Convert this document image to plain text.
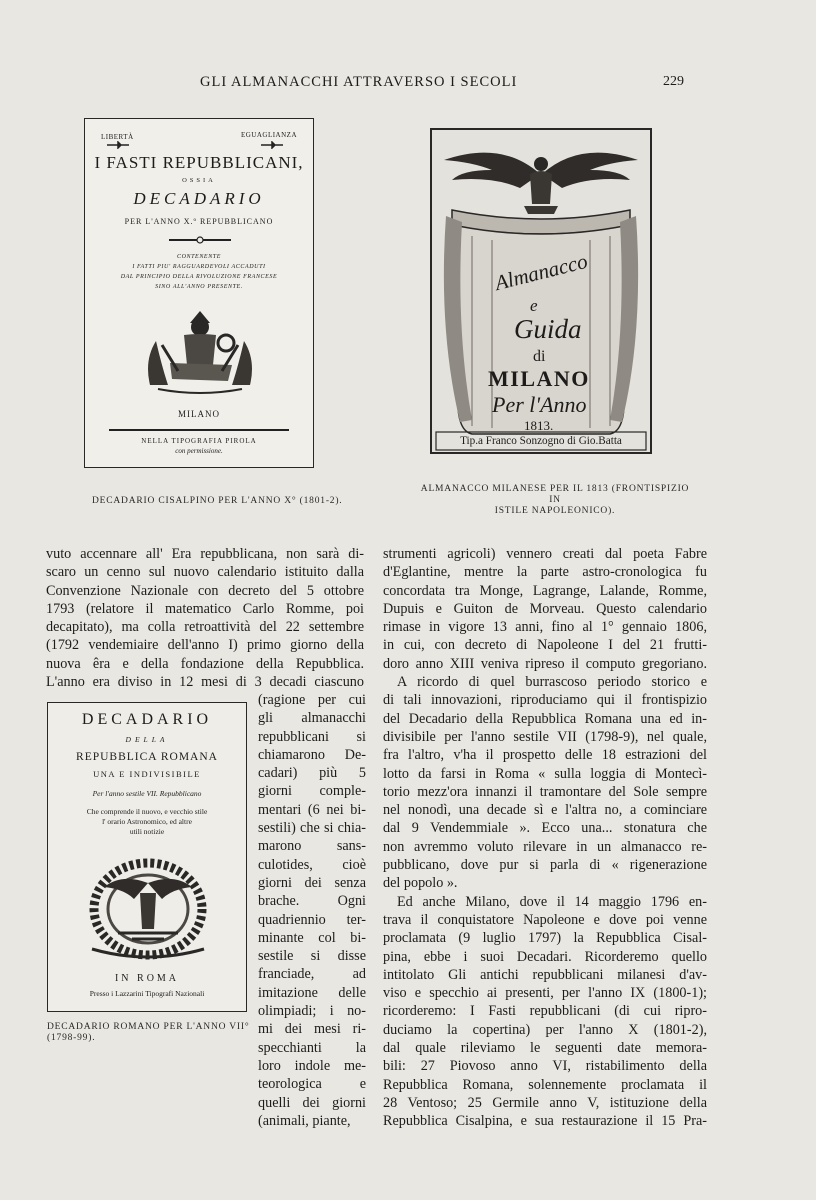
GLI ALMANACCHI ATTRAVERSO I SECOLI	229
LIBERTÀ	EGUAGLIANZA
I FASTI REPUBBLICANI,
OSSIA
DECADARIO
PER L'ANNO X.º REPUBBLICANO
CONTENENTE
I FATTI PIU' RAGGUARDEVOLI ACCADUTI
DAL PRINCIPIO DELLA RIVOLUZIONE FRANCESE
SINO ALL'ANNO PRESENTE.
MILANO
NELLA TIPOGRAFIA PIROLA
con permissione.
DECADARIO CISALPINO PER L'ANNO X° (1801-2).
Almanacco
e
Guida
di
MILANO
Per l'Anno
1813.
Tip.a Franco Sonzogno di Gio.Batta
ALMANACCO MILANESE PER IL 1813 (FRONTISPIZIO IN
ISTILE NAPOLEONICO).
vuto accennare all' Era repubblicana, non sarà di-
scaro un cenno sul nuovo calendario istituito dalla
Convenzione Nazionale con decreto del 5 ottobre
1793 (relatore il matematico Carlo Romme, poi
decapitato), ma colla retroattività del 22 settembre
(1792 vendemiaire dell'anno I) primo giorno della
nuova êra e della fondazione della Repubblica.
L'anno era diviso in 12 mesi di 3 decadi ciascuno
DECADARIO
DELLA
REPUBBLICA ROMANA
UNA E INDIVISIBILE
Per l'anno sestile VII. Repubblicano
Che comprende il nuovo, e vecchio stile
l' orario Astronomico, ed altre
utili notizie
IN ROMA
Presso i Lazzarini Tipografi Nazionali
DECADARIO ROMANO PER L'ANNO VII°
(1798-99).
(ragione per cui
gli almanacchi
repubblicani si
chiamarono De-
cadari) più 5
giorni comple-
mentari (6 nei bi-
sestili) che si chia-
marono sans-
culotides, cioè
giorni dei senza
brache. Ogni
quadriennio ter-
minante col bi-
sestile si disse
franciade, ad
imitazione delle
olimpiadi; i no-
mi dei mesi ri-
specchianti la
loro indole me-
teorologica e
quelli dei giorni
(animali, piante,
strumenti agricoli) vennero creati dal poeta Fabre
d'Eglantine, mentre la parte astro-cronologica fu
concordata tra Monge, Lagrange, Lalande, Romme,
Dupuis e Guiton de Morveau. Questo calendario
rimase in vigore 13 anni, fino al 1° gennaio 1806,
in cui, con decreto di Napoleone I del 21 frutti-
doro anno XIII veniva ripreso il computo gregoriano.
A ricordo di quel burrascoso periodo storico e
di tali innovazioni, riproduciamo qui il frontispizio
del Decadario della Repubblica Romana una ed in-
divisibile per l'anno sestile VII (1798-9), nel quale,
fra l'altro, v'ha il prospetto delle 18 estrazioni del
lotto da farsi in Roma « sulla loggia di Montecì-
torio mezz'ora innanzi il tramontare del Sole sempre
nel nonodì, una decade sì e l'altra no, a cominciare
dal 9 Vendemmiale ». Ecco una... stonatura che
non avremmo voluto rilevare in un almanacco re-
pubblicano, dove pur si parla di « rigenerazione
del popolo ».
Ed anche Milano, dove il 14 maggio 1796 en-
trava il conquistatore Napoleone e dove poi venne
proclamata (9 luglio 1797) la Repubblica Cisal-
pina, ebbe i suoi Decadari. Ricorderemo quello
intitolato Gli antichi repubblicani milanesi d'av-
viso e specchio ai presenti, per l'anno IX (1800-1);
ricorderemo: I Fasti repubblicani (di cui ripro-
duciamo la copertina) per l'anno X (1801-2),
dal quale rileviamo le seguenti date memora-
bili: 27 Piovoso anno VI, ristabilimento della
Repubblica Romana, solennemente proclamata il
28 Ventoso; 25 Germile anno V, istituzione della
Repubblica Cisalpina, e sua restaurazione il 15 Pra-
